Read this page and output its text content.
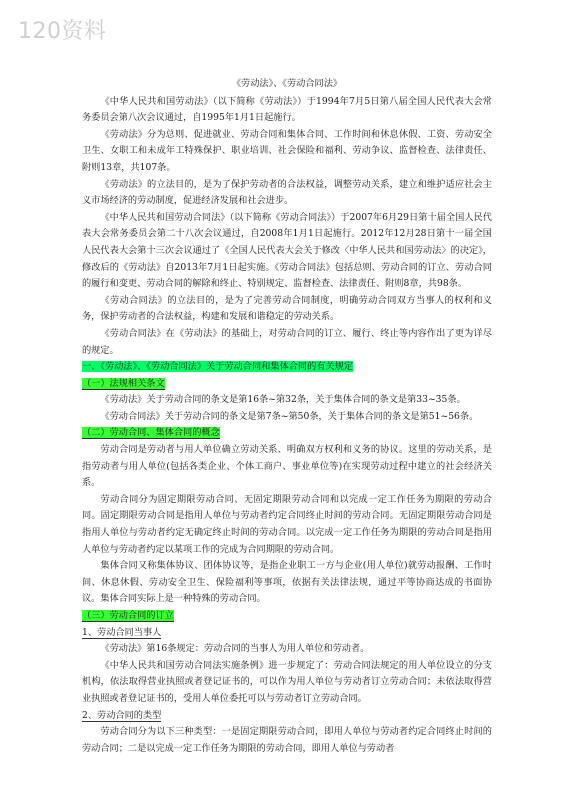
120资料
《劳动法》、《劳动合同法》

《中华人民共和国劳动法》（以下简称《劳动法》）于1994年7月5日第八届全国人民代表大会常务委员会第八次会议通过，自1995年1月1日起施行。

《劳动法》分为总则、促进就业、劳动合同和集体合同、工作时间和休息休假、工资、劳动安全卫生、女职工和未成年工特殊保护、职业培训、社会保险和福利、劳动争议、监督检查、法律责任、附则13章，共107条。

《劳动法》的立法目的，是为了保护劳动者的合法权益，调整劳动关系，建立和维护适应社会主义市场经济的劳动制度，促进经济发展和社会进步。

《中华人民共和国劳动合同法》（以下简称《劳动合同法》）于2007年6月29日第十届全国人民代表大会常务委员会第二十八次会议通过，自2008年1月1日起施行。2012年12月28日第十一届全国人民代表大会第十三次会议通过了《全国人民代表大会关于修改〈中华人民共和国劳动法〉的决定》，修改后的《劳动法》自2013年7月1日起实施。《劳动合同法》包括总则、劳动合同的订立、劳动合同的履行和变更、劳动合同的解除和终止、特别规定、监督检查、法律责任、附则8章，共98条。

《劳动合同法》的立法目的，是为了完善劳动合同制度，明确劳动合同双方当事人的权利和义务，保护劳动者的合法权益，构建和发展和谐稳定的劳动关系。

《劳动合同法》在《劳动法》的基础上，对劳动合同的订立、履行、终止等内容作出了更为详尽的规定。

一、《劳动法》、《劳动合同法》关于劳动合同和集体合同的有关规定

（一）法规相关条文

《劳动法》关于劳动合同的条文是第16条~第32条，关于集体合同的条文是第33~35条。

《劳动合同法》关于劳动合同的条文是第7条~第50条，关于集体合同的条文是第51~56条。

（二）劳动合同、集体合同的概念

劳动合同是劳动者与用人单位确立劳动关系、明确双方权利和义务的协议。这里的劳动关系，是指劳动者与用人单位(包括各类企业、个体工商户、事业单位等)在实现劳动过程中建立的社会经济关系。

劳动合同分为固定期限劳动合同、无固定期限劳动合同和以完成一定工作任务为期限的劳动合同。固定期限劳动合同是指用人单位与劳动者约定合同终止时间的劳动合同。无固定期限劳动合同是指用人单位与劳动者约定无确定终止时间的劳动合同。以完成一定工作任务为期限的劳动合同是指用人单位与劳动者约定以某项工作的完成为合同期限的劳动合同。

集体合同又称集体协议、团体协议等，是指企业职工一方与企业(用人单位)就劳动报酬、工作时间、休息休假、劳动安全卫生、保险福利等事项，依据有关法律法规，通过平等协商达成的书面协议。集体合同实际上是一种特殊的劳动合同。

（三）劳动合同的订立

1、劳动合同当事人

《劳动法》第16条规定：劳动合同的当事人为用人单位和劳动者。

《中华人民共和国劳动合同法实施条例》进一步规定了：劳动合同法规定的用人单位设立的分支机构，依法取得营业执照或者登记证书的，可以作为用人单位与劳动者订立劳动合同；未依法取得营业执照或者登记证书的，受用人单位委托可以与劳动者订立劳动合同。

2、劳动合同的类型

劳动合同分为以下三种类型：一是固定期限劳动合同，即用人单位与劳动者约定合同终止时间的劳动合同；二是以完成一定工作任务为期限的劳动合同，即用人单位与劳动者
